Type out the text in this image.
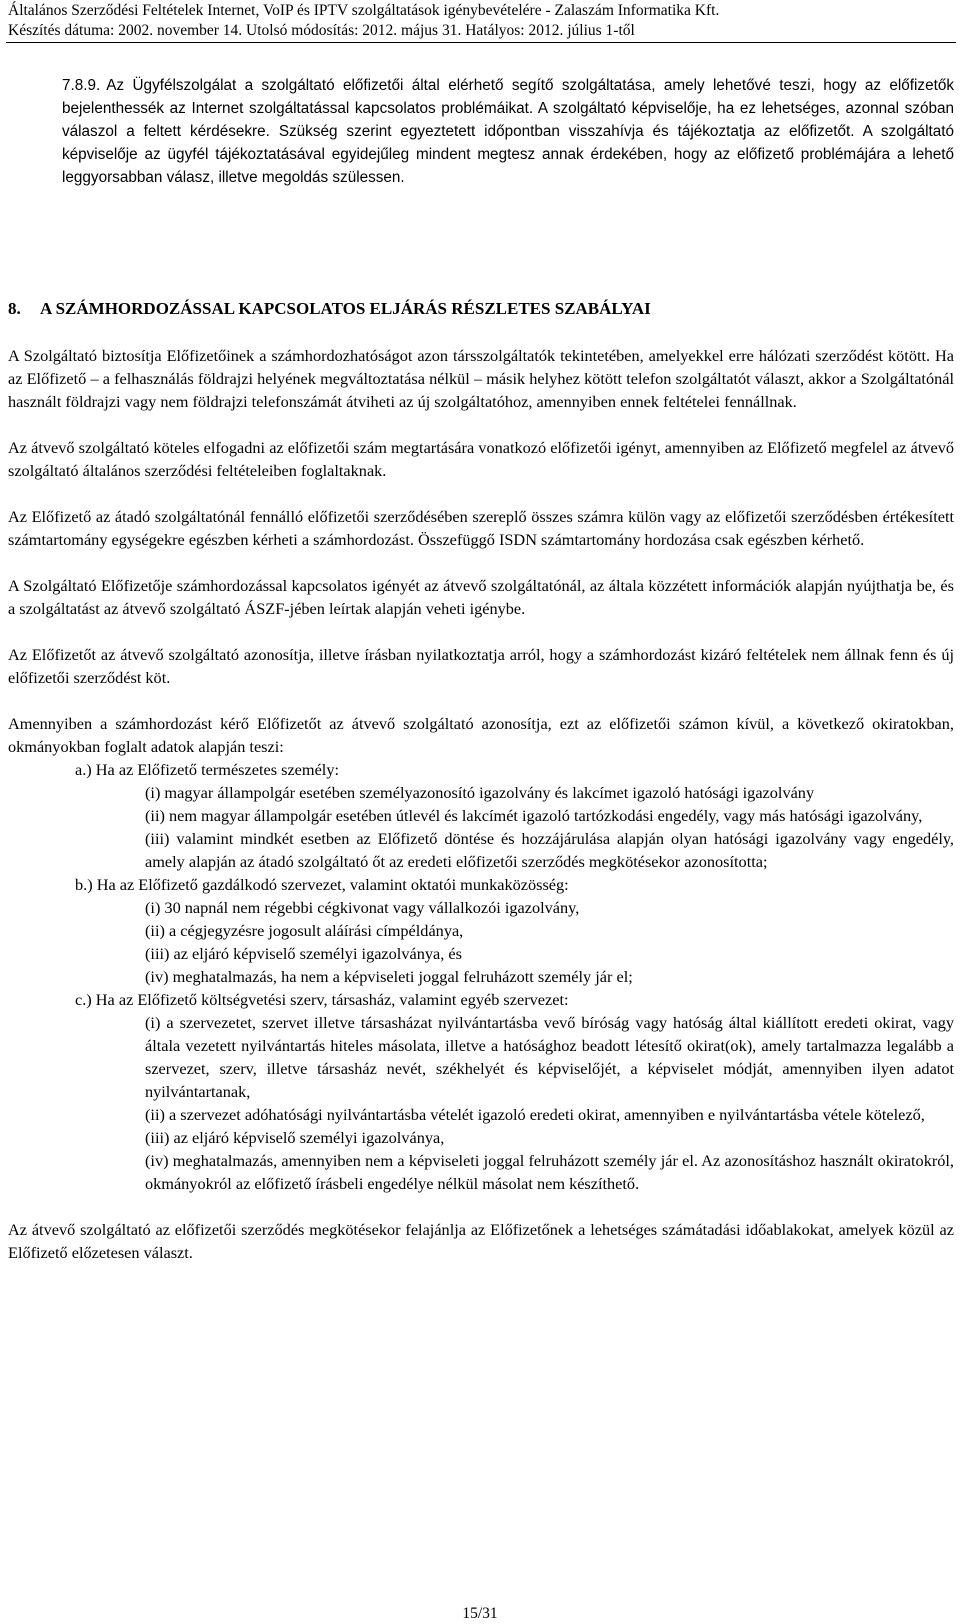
Általános Szerződési Feltételek Internet, VoIP és IPTV szolgáltatások igénybevételére - Zalaszám Informatika Kft.
Készítés dátuma: 2002. november 14. Utolsó módosítás: 2012. május 31. Hatályos: 2012. július 1-től
7.8.9. Az Ügyfélszolgálat a szolgáltató előfizetői által elérhető segítő szolgáltatása, amely lehetővé teszi, hogy az előfizetők bejelenthessék az Internet szolgáltatással kapcsolatos problémáikat. A szolgáltató képviselője, ha ez lehetséges, azonnal szóban válaszol a feltett kérdésekre. Szükség szerint egyeztetett időpontban visszahívja és tájékoztatja az előfizetőt. A szolgáltató képviselője az ügyfél tájékoztatásával egyidejűleg mindent megtesz annak érdekében, hogy az előfizető problémájára a lehető leggyorsabban válasz, illetve megoldás szülessen.
8. A SZÁMHORDOZÁSSAL KAPCSOLATOS ELJÁRÁS RÉSZLETES SZABÁLYAI

A Szolgáltató biztosítja Előfizetőinek a számhordozhatóságot azon társszolgáltatók tekintetében, amelyekkel erre hálózati szerződést kötött. Ha az Előfizető – a felhasználás földrajzi helyének megváltoztatása nélkül – másik helyhez kötött telefon szolgáltatót választ, akkor a Szolgáltatónál használt földrajzi vagy nem földrajzi telefonszámát átviheti az új szolgáltatóhoz, amennyiben ennek feltételei fennállnak.

Az átvevő szolgáltató köteles elfogadni az előfizetői szám megtartására vonatkozó előfizetői igényt, amennyiben az Előfizető megfelel az átvevő szolgáltató általános szerződési feltételeiben foglaltaknak.

Az Előfizető az átadó szolgáltatónál fennálló előfizetői szerződésében szereplő összes számra külön vagy az előfizetői szerződésben értékesített számtartomány egységekre egészben kérheti a számhordozást. Összefüggő ISDN számtartomány hordozása csak egészben kérhető.

A Szolgáltató Előfizetője számhordozással kapcsolatos igényét az átvevő szolgáltatónál, az általa közzétett információk alapján nyújthatja be, és a szolgáltatást az átvevő szolgáltató ÁSZF-jében leírtak alapján veheti igénybe.

Az Előfizetőt az átvevő szolgáltató azonosítja, illetve írásban nyilatkoztatja arról, hogy a számhordozást kizáró feltételek nem állnak fenn és új előfizetői szerződést köt.

Amennyiben a számhordozást kérő Előfizetőt az átvevő szolgáltató azonosítja, ezt az előfizetői számon kívül, a következő okiratokban, okmányokban foglalt adatok alapján teszi:

a.) Ha az Előfizető természetes személy:

(i) magyar állampolgár esetében személyazonosító igazolvány és lakcímet igazoló hatósági igazolvány

(ii) nem magyar állampolgár esetében útlevél és lakcímét igazoló tartózkodási engedély, vagy más hatósági igazolvány,

(iii) valamint mindkét esetben az Előfizető döntése és hozzájárulása alapján olyan hatósági igazolvány vagy engedély, amely alapján az átadó szolgáltató őt az eredeti előfizetői szerződés megkötésekor azonosította;

b.) Ha az Előfizető gazdálkodó szervezet, valamint oktatói munkaközösség:

(i) 30 napnál nem régebbi cégkivonat vagy vállalkozói igazolvány,

(ii) a cégjegyzésre jogosult aláírási címpéldánya,

(iii) az eljáró képviselő személyi igazolványa, és

(iv) meghatalmazás, ha nem a képviseleti joggal felruházott személy jár el;

c.) Ha az Előfizető költségvetési szerv, társasház, valamint egyéb szervezet:

(i) a szervezetet, szervet illetve társasházat nyilvántartásba vevő bíróság vagy hatóság által kiállított eredeti okirat, vagy általa vezetett nyilvántartás hiteles másolata, illetve a hatósághoz beadott létesítő okirat(ok), amely tartalmazza legalább a szervezet, szerv, illetve társasház nevét, székhelyét és képviselőjét, a képviselet módját, amennyiben ilyen adatot nyilvántartanak,

(ii) a szervezet adóhatósági nyilvántartásba vételét igazoló eredeti okirat, amennyiben e nyilvántartásba vétele kötelező,

(iii) az eljáró képviselő személyi igazolványa,

(iv) meghatalmazás, amennyiben nem a képviseleti joggal felruházott személy jár el. Az azonosításhoz használt okiratokról, okmányokról az előfizető írásbeli engedélye nélkül másolat nem készíthető.

Az átvevő szolgáltató az előfizetői szerződés megkötésekor felajánlja az Előfizetőnek a lehetséges számátadási időablakokat, amelyek közül az Előfizető előzetesen választ.

15/31
